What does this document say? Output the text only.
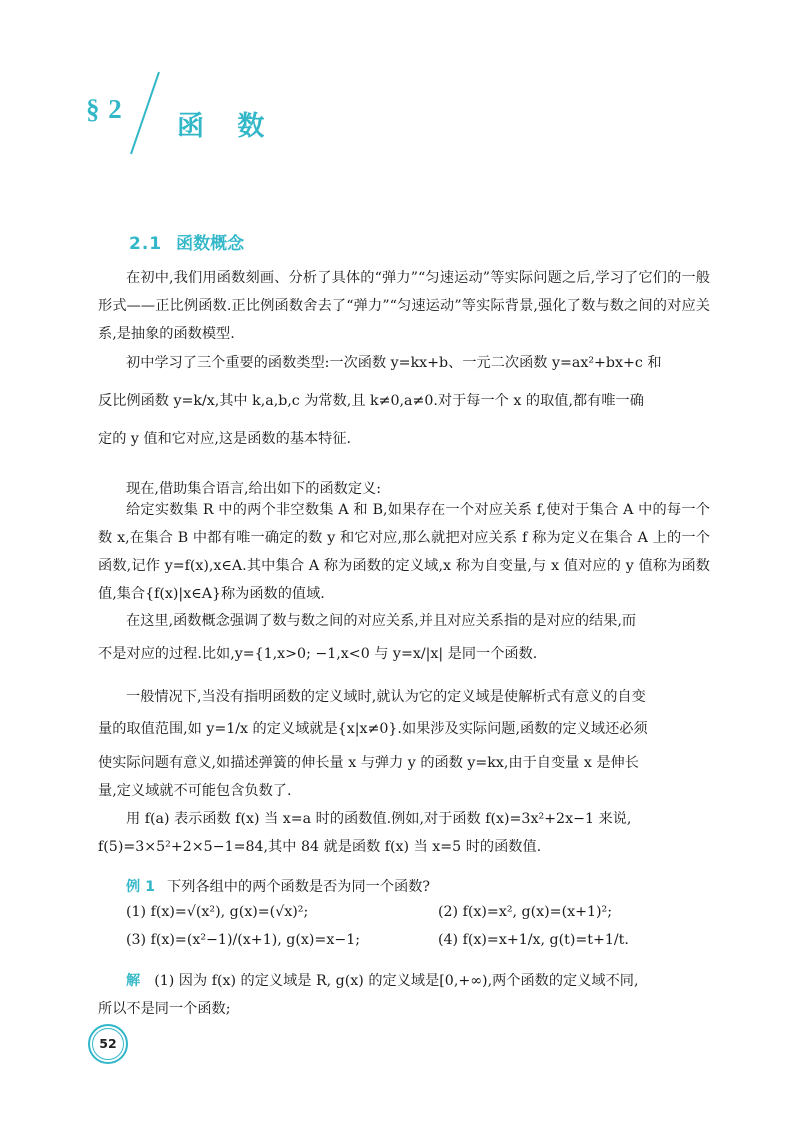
§ 2
函 数
2.1 函数概念
在初中,我们用函数刻画、分析了具体的“弹力”“匀速运动”等实际问题之后,学习了它们的一般形式——正比例函数.正比例函数舍去了“弹力”“匀速运动”等实际背景,强化了数与数之间的对应关系,是抽象的函数模型.
初中学习了三个重要的函数类型:一次函数 y=kx+b、一元二次函数 y=ax²+bx+c 和
反比例函数 y=k/x,其中 k,a,b,c 为常数,且 k≠0,a≠0.对于每一个 x 的取值,都有唯一确
定的 y 值和它对应,这是函数的基本特征.
现在,借助集合语言,给出如下的函数定义:
给定实数集 R 中的两个非空数集 A 和 B,如果存在一个对应关系 f,使对于集合 A 中的每一个数 x,在集合 B 中都有唯一确定的数 y 和它对应,那么就把对应关系 f 称为定义在集合 A 上的一个函数,记作 y=f(x),x∈A.其中集合 A 称为函数的定义域,x 称为自变量,与 x 值对应的 y 值称为函数值,集合{f(x)|x∈A}称为函数的值域.
在这里,函数概念强调了数与数之间的对应关系,并且对应关系指的是对应的结果,而
不是对应的过程.比如,y={1,x>0; −1,x<0 与 y=x/|x| 是同一个函数.
一般情况下,当没有指明函数的定义域时,就认为它的定义域是使解析式有意义的自变
量的取值范围,如 y=1/x 的定义域就是{x|x≠0}.如果涉及实际问题,函数的定义域还必须
使实际问题有意义,如描述弹簧的伸长量 x 与弹力 y 的函数 y=kx,由于自变量 x 是伸长
量,定义域就不可能包含负数了.
用 f(a) 表示函数 f(x) 当 x=a 时的函数值.例如,对于函数 f(x)=3x²+2x−1 来说,
f(5)=3×5²+2×5−1=84,其中 84 就是函数 f(x) 当 x=5 时的函数值.
例 1 下列各组中的两个函数是否为同一个函数?
(1) f(x)=√(x²), g(x)=(√x)²;	(2) f(x)=x², g(x)=(x+1)²;
(3) f(x)=(x²−1)/(x+1), g(x)=x−1;	(4) f(x)=x+1/x, g(t)=t+1/t.
解 (1) 因为 f(x) 的定义域是 R, g(x) 的定义域是[0,+∞),两个函数的定义域不同,
所以不是同一个函数;
52
